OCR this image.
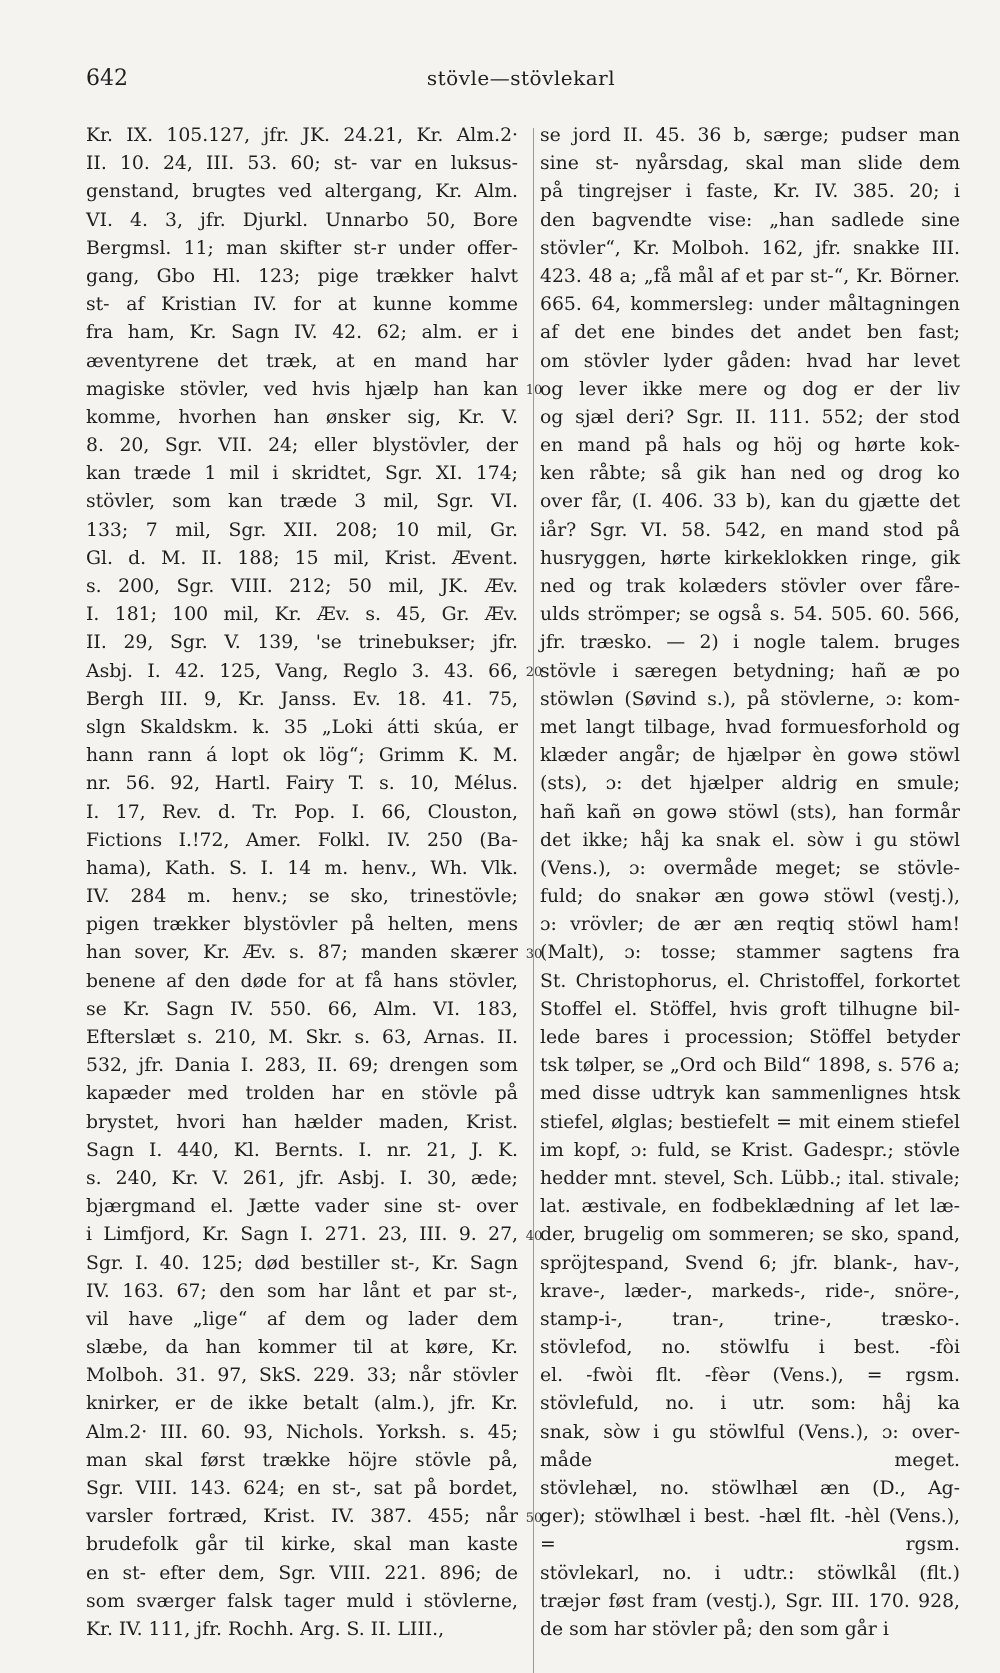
642	stövle—stövlekarl
Kr. IX. 105.127, jfr. JK. 24.21, Kr. Alm.2·
II. 10. 24, III. 53. 60; st- var en luksus-
genstand, brugtes ved altergang, Kr. Alm.
VI. 4. 3, jfr. Djurkl. Unnarbo 50, Bore
Bergmsl. 11; man skifter st-r under offer-
gang, Gbo Hl. 123; pige trækker halvt
st- af Kristian IV. for at kunne komme
fra ham, Kr. Sagn IV. 42. 62; alm. er i
æventyrene det træk, at en mand har
magiske stövler, ved hvis hjælp han kan
komme, hvorhen han ønsker sig, Kr. V.
8. 20, Sgr. VII. 24; eller blystövler, der
kan træde 1 mil i skridtet, Sgr. XI. 174;
stövler, som kan træde 3 mil, Sgr. VI.
133; 7 mil, Sgr. XII. 208; 10 mil, Gr.
Gl. d. M. II. 188; 15 mil, Krist. Ævent.
s. 200, Sgr. VIII. 212; 50 mil, JK. Æv.
I. 181; 100 mil, Kr. Æv. s. 45, Gr. Æv.
II. 29, Sgr. V. 139, 'se trinebukser; jfr.
Asbj. I. 42. 125, Vang, Reglo 3. 43. 66,
Bergh III. 9, Kr. Janss. Ev. 18. 41. 75,
slgn Skaldskm. k. 35 „Loki átti skúa, er
hann rann á lopt ok lög“; Grimm K. M.
nr. 56. 92, Hartl. Fairy T. s. 10, Mélus.
I. 17, Rev. d. Tr. Pop. I. 66, Clouston,
Fictions I.!72, Amer. Folkl. IV. 250 (Ba-
hama), Kath. S. I. 14 m. henv., Wh. Vlk.
IV. 284 m. henv.; se sko, trinestövle;
pigen trækker blystövler på helten, mens
han sover, Kr. Æv. s. 87; manden skærer
benene af den døde for at få hans stövler,
se Kr. Sagn IV. 550. 66, Alm. VI. 183,
Efterslæt s. 210, M. Skr. s. 63, Arnas. II.
532, jfr. Dania I. 283, II. 69; drengen som
kapæder med trolden har en stövle på
brystet, hvori han hælder maden, Krist.
Sagn I. 440, Kl. Bernts. I. nr. 21, J. K.
s. 240, Kr. V. 261, jfr. Asbj. I. 30, æde;
bjærgmand el. Jætte vader sine st- over
i Limfjord, Kr. Sagn I. 271. 23, III. 9. 27,
Sgr. I. 40. 125; død bestiller st-, Kr. Sagn
IV. 163. 67; den som har lånt et par st-,
vil have „lige“ af dem og lader dem
slæbe, da han kommer til at køre, Kr.
Molboh. 31. 97, SkS. 229. 33; når stövler
knirker, er de ikke betalt (alm.), jfr. Kr.
Alm.2· III. 60. 93, Nichols. Yorksh. s. 45;
man skal først trække höjre stövle på,
Sgr. VIII. 143. 624; en st-, sat på bordet,
varsler fortræd, Krist. IV. 387. 455; når
brudefolk går til kirke, skal man kaste
en st- efter dem, Sgr. VIII. 221. 896; de
som sværger falsk tager muld i stövlerne,
Kr. IV. 111, jfr. Rochh. Arg. S. II. LIII.,
se jord II. 45. 36 b, særge; pudser man
sine st- nyårsdag, skal man slide dem
på tingrejser i faste, Kr. IV. 385. 20; i
den bagvendte vise: „han sadlede sine
stövler“, Kr. Molboh. 162, jfr. snakke III.
423. 48 a; „få mål af et par st-“, Kr. Börner.
665. 64, kommersleg: under måltagningen
af det ene bindes det andet ben fast;
om stövler lyder gåden: hvad har levet
og lever ikke mere og dog er der liv
og sjæl deri? Sgr. II. 111. 552; der stod
en mand på hals og höj og hørte kok-
ken råbte; så gik han ned og drog ko
over får, (I. 406. 33 b), kan du gjætte det
iår? Sgr. VI. 58. 542, en mand stod på
husryggen, hørte kirkeklokken ringe, gik
ned og trak kolæders stövler over fåre-
ulds strömper; se også s. 54. 505. 60. 566,
jfr. træsko. — 2) i nogle talem. bruges
stövle i særegen betydning; hañ æ po
stöwlən (Søvind s.), på stövlerne, ɔ: kom-
met langt tilbage, hvad formuesforhold og
klæder angår; de hjælpər èn gowə stöwl
(sts), ɔ: det hjælper aldrig en smule;
hañ kañ ən gowə stöwl (sts), han formår
det ikke; håj ka snak el. sòw i gu stöwl
(Vens.), ɔ: overmåde meget; se stövle-
fuld; do snakər æn gowə stöwl (vestj.),
ɔ: vrövler; de ær æn reqtiq stöwl ham!
(Malt), ɔ: tosse; stammer sagtens fra
St. Christophorus, el. Christoffel, forkortet
Stoffel el. Stöffel, hvis groft tilhugne bil-
lede bares i procession; Stöffel betyder
tsk tølper, se „Ord och Bild“ 1898, s. 576 a;
med disse udtryk kan sammenlignes htsk
stiefel, ølglas; bestiefelt = mit einem stiefel
im kopf, ɔ: fuld, se Krist. Gadespr.; stövle
hedder mnt. stevel, Sch. Lübb.; ital. stivale;
lat. æstivale, en fodbeklædning af let læ-
der, brugelig om sommeren; se sko, spand,
spröjtespand, Svend 6; jfr. blank-, hav-,
krave-, læder-, markeds-, ride-, snöre-,
stamp-i-, tran-, trine-, træsko-.
stövlefod, no. stöwlfu i best. -fòi
el. -fwòi flt. -fèər (Vens.), = rgsm.
stövlefuld, no. i utr. som: håj ka
snak, sòw i gu stöwlful (Vens.), ɔ: over-
måde meget.
stövlehæl, no. stöwlhæl æn (D., Ag-
ger); stöwlhæl i best. -hæl flt. -hèl (Vens.),
= rgsm.
stövlekarl, no. i udtr.: stöwlkål (flt.)
træjər føst fram (vestj.), Sgr. III. 170. 928,
de som har stövler på; den som går i
10
20
30
40
50
